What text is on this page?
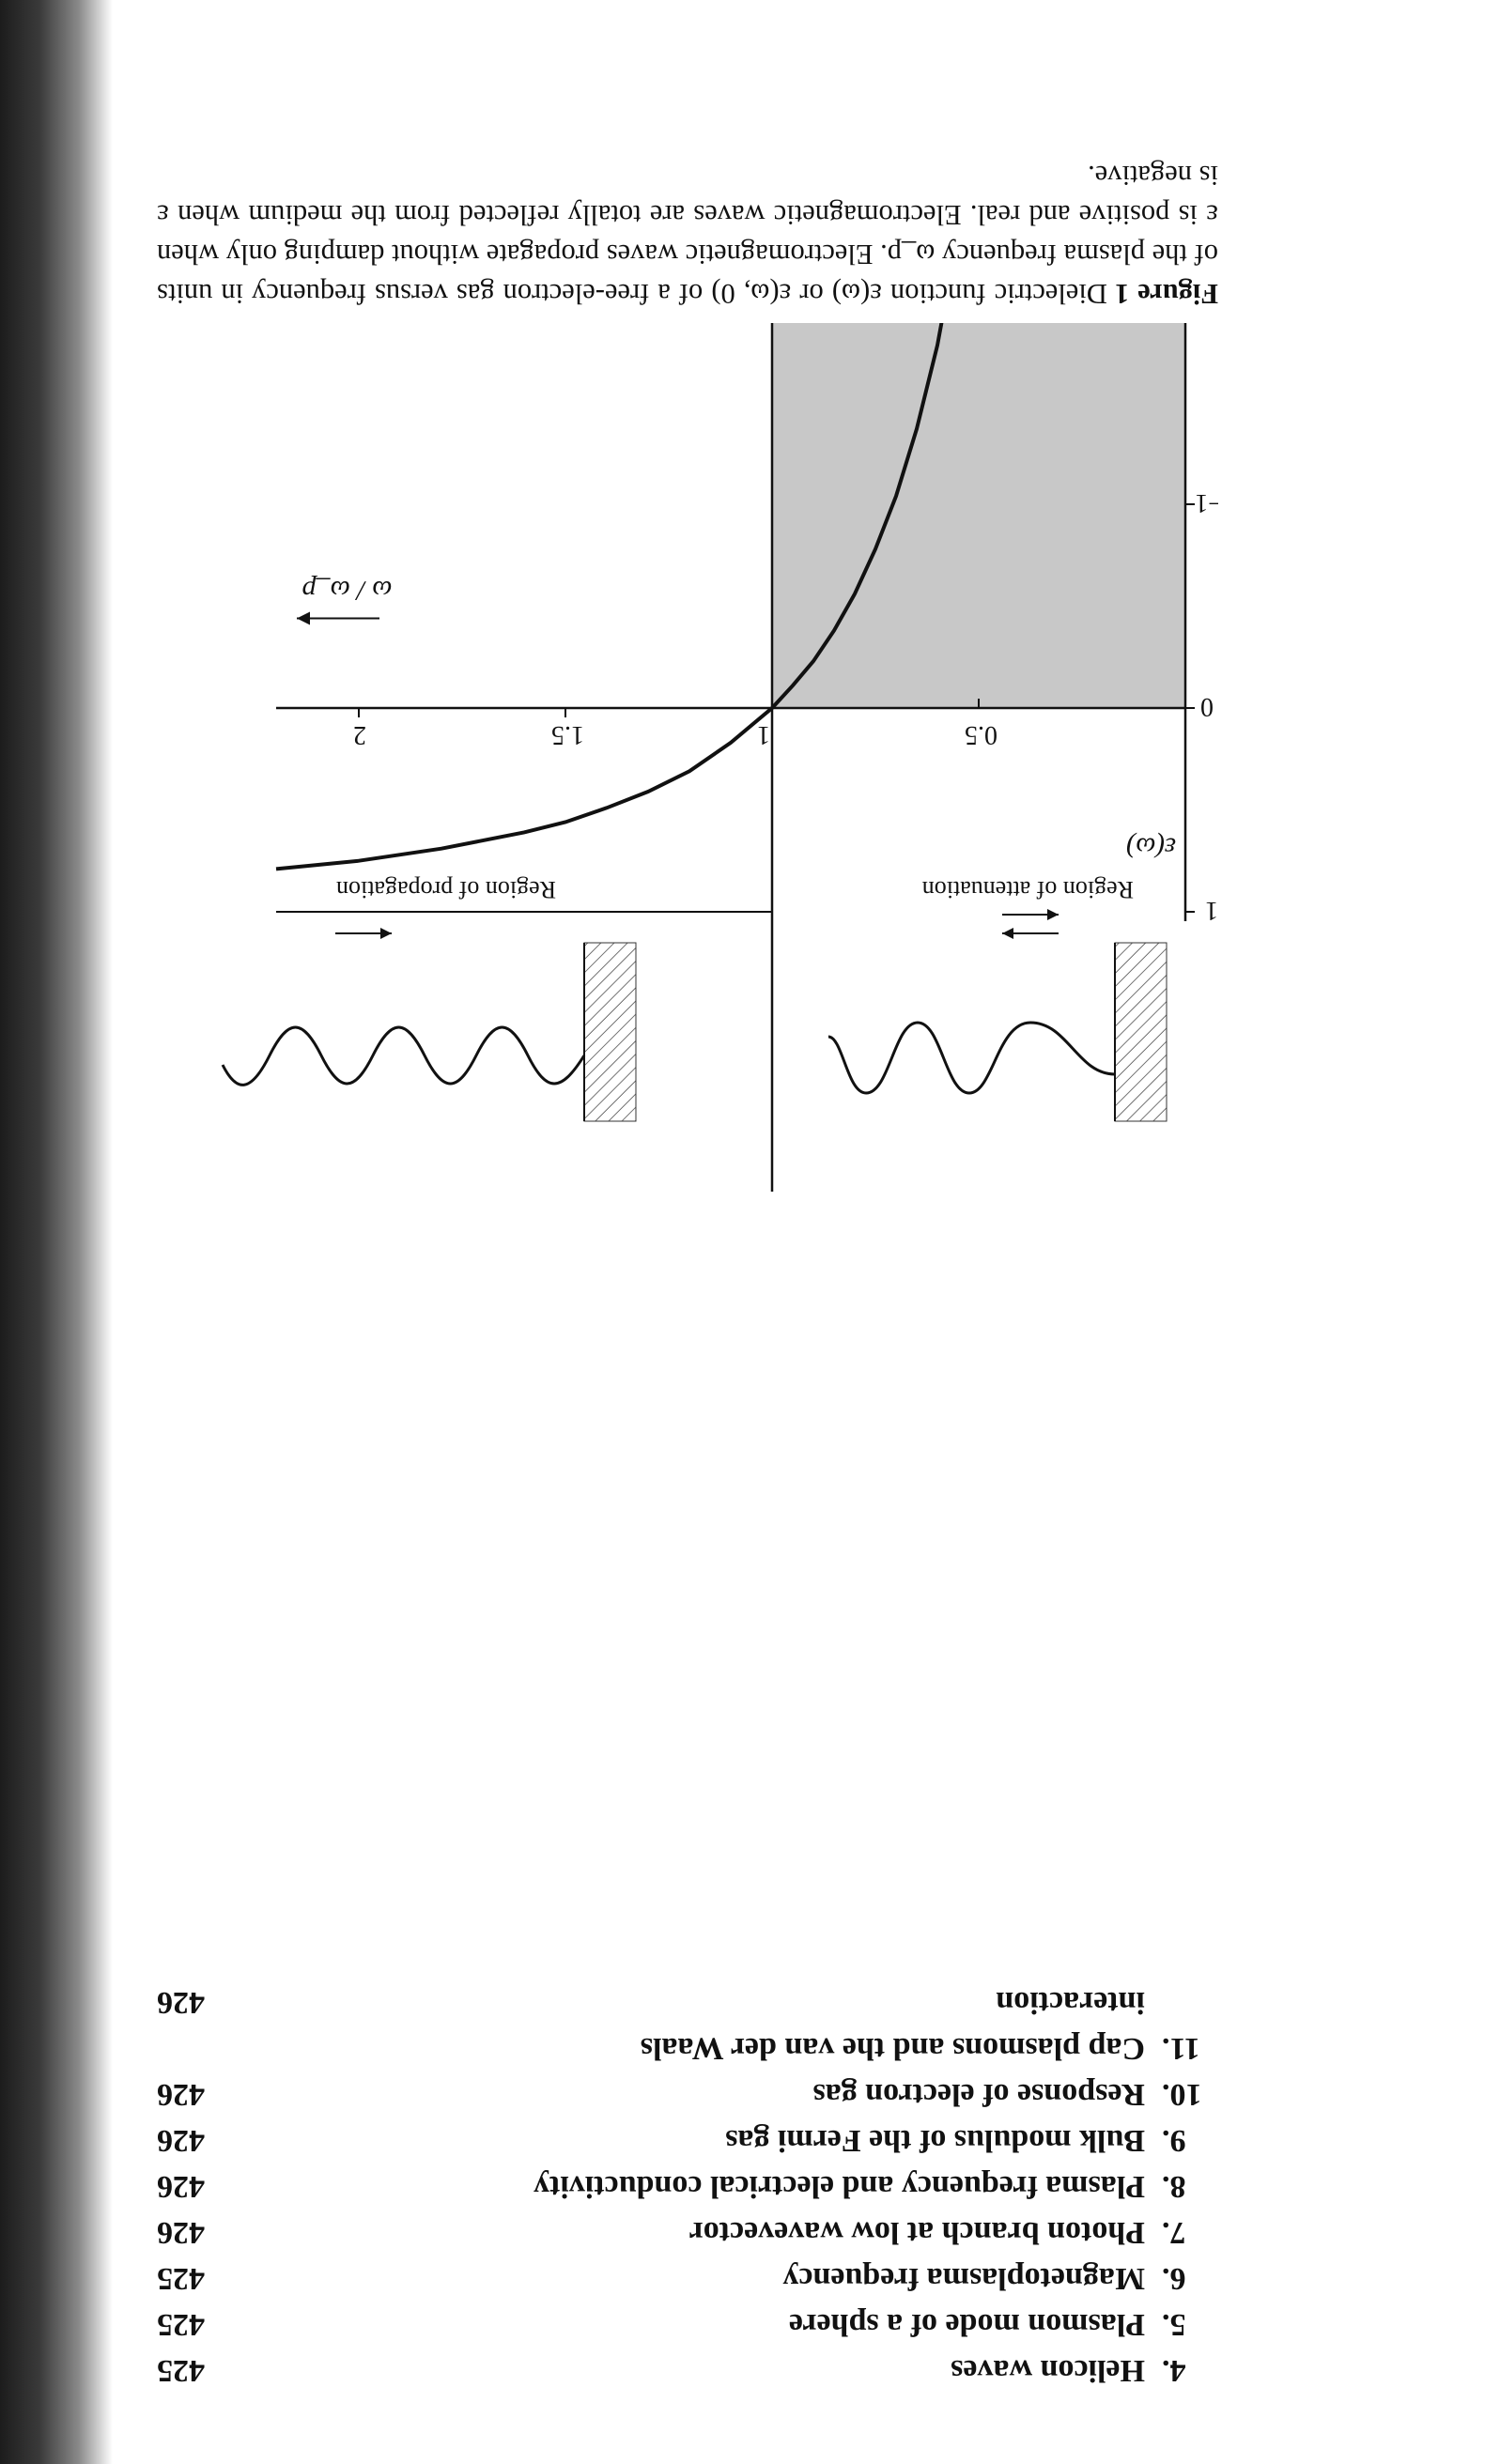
4.
Helicon waves
425
5.
Plasmon mode of a sphere
425
6.
Magnetoplasma frequency
425
7.
Photon branch at low wavevector
426
8.
Plasma frequency and electrical conductivity
426
9.
Bulk modulus of the Fermi gas
426
10.
Response of electron gas
426
11.
Cap plasmons and the van der Waals
interaction
426
Region of attenuation
Region of propagation
ε(ω)
ω / ω_p
0.5
1
1.5
2
1
0
1
Figure 1Dielectric function ε(ω) or ε(ω, 0) of a free-electron gas versus frequency in units of the plasma frequency ω_p. Electromagnetic waves propagate without damping only when ε is positive and real. Electromagnetic waves are totally reflected from the medium when ε is negative.
